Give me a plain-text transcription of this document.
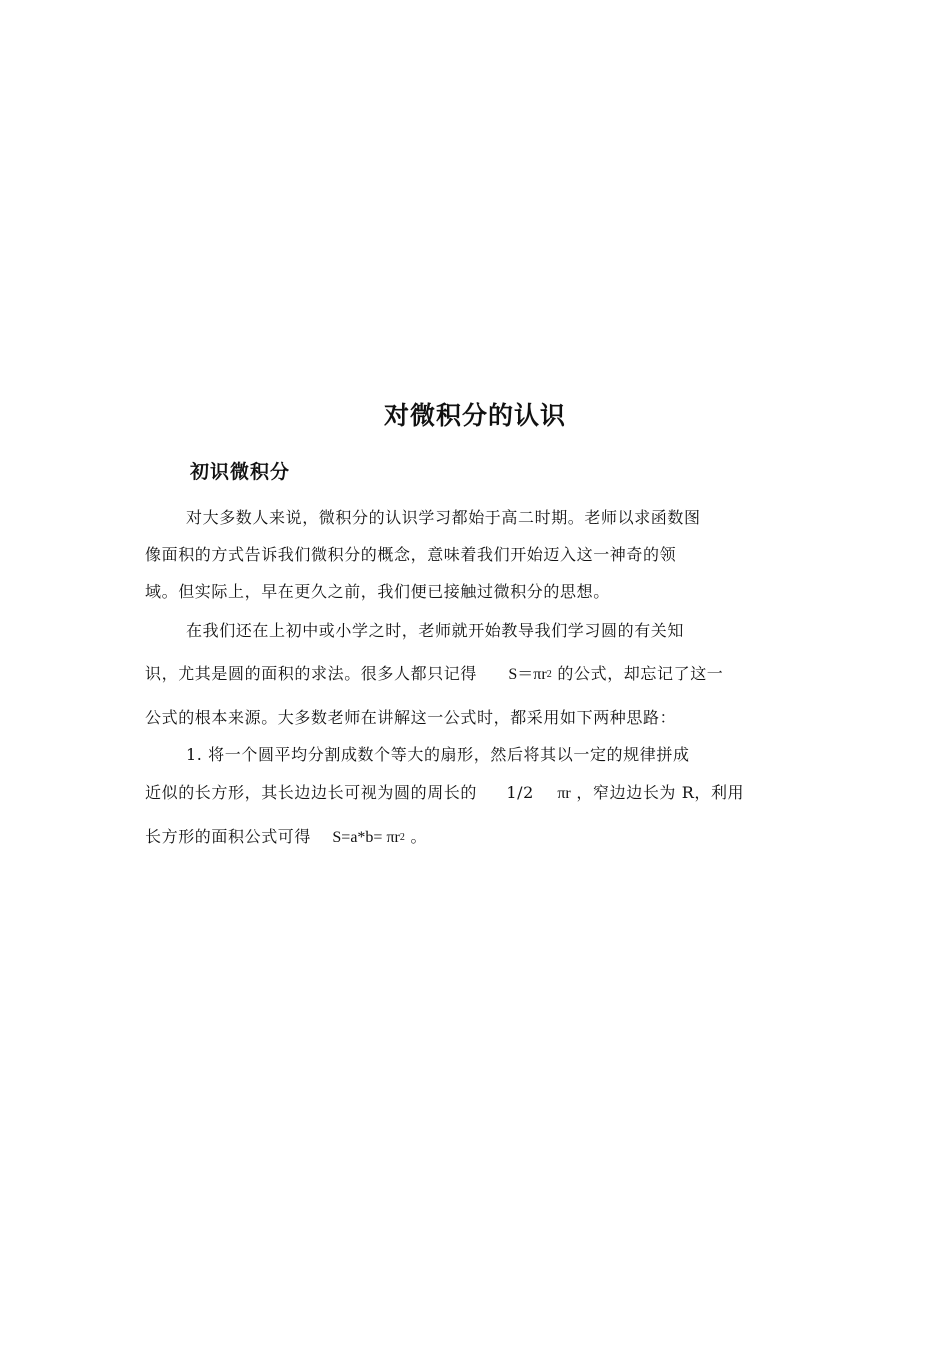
对微积分的认识
初识微积分
对大多数人来说，微积分的认识学习都始于高二时期。老师以求函数图
像面积的方式告诉我们微积分的概念，意味着我们开始迈入这一神奇的领
域。但实际上，早在更久之前，我们便已接触过微积分的思想。
在我们还在上初中或小学之时，老师就开始教导我们学习圆的有关知
识，尤其是圆的面积的求法。很多人都只记得 $S=\pi r^2$ 的公式，却忘记了这一
公式的根本来源。大多数老师在讲解这一公式时，都采用如下两种思路：
1. 将一个圆平均分割成数个等大的扇形，然后将其以一定的规律拼成
近似的长方形，其长边边长可视为圆的周长的 1/2 πr ，窄边边长为 R，利用
长方形的面积公式可得 $S=a*b= \pi r^2$ 。
